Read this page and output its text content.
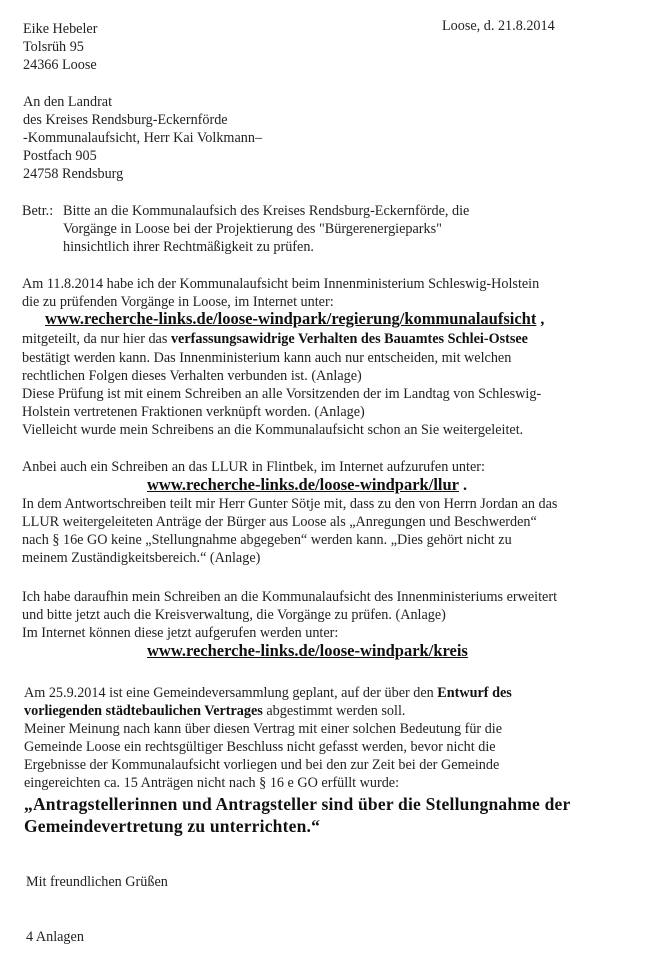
Eike Hebeler
Tolsrüh 95
24366 Loose
Loose, d. 21.8.2014
An den Landrat
des Kreises Rendsburg-Eckernförde
-Kommunalaufsicht, Herr Kai Volkmann–
Postfach 905
24758 Rendsburg
Betr.: Bitte an die Kommunalaufsich des Kreises Rendsburg-Eckernförde, die
Vorgänge in Loose bei der Projektierung des "Bürgerenergieparks"
hinsichtlich ihrer Rechtmäßigkeit zu prüfen.
Am 11.8.2014 habe ich der Kommunalaufsicht beim Innenministerium Schleswig-Holstein
die zu prüfenden Vorgänge in Loose, im Internet unter:
www.recherche-links.de/loose-windpark/regierung/kommunalaufsicht ,
mitgeteilt, da nur hier das verfassungsawidrige Verhalten des Bauamtes Schlei-Ostsee
bestätigt werden kann. Das Innenministerium kann auch nur entscheiden, mit welchen
rechtlichen Folgen dieses Verhalten verbunden ist. (Anlage)
Diese Prüfung ist mit einem Schreiben an alle Vorsitzenden der im Landtag von Schleswig-
Holstein vertretenen Fraktionen verknüpft worden. (Anlage)
Vielleicht wurde mein Schreibens an die Kommunalaufsicht schon an Sie weitergeleitet.
Anbei auch ein Schreiben an das LLUR in Flintbek, im Internet aufzurufen unter:
www.recherche-links.de/loose-windpark/llur .
In dem Antwortschreiben teilt mir Herr Gunter Sötje mit, dass zu den von Herrn Jordan an das
LLUR weitergeleiteten Anträge der Bürger aus Loose als „Anregungen und Beschwerden“
nach § 16e GO keine „Stellungnahme abgegeben“ werden kann. „Dies gehört nicht zu
meinem Zuständigkeitsbereich.“ (Anlage)
Ich habe daraufhin mein Schreiben an die Kommunalaufsicht des Innenministeriums erweitert
und bitte jetzt auch die Kreisverwaltung, die Vorgänge zu prüfen. (Anlage)
Im Internet können diese jetzt aufgerufen werden unter:
www.recherche-links.de/loose-windpark/kreis
Am 25.9.2014 ist eine Gemeindeversammlung geplant, auf der über den Entwurf des
vorliegenden städtebaulichen Vertrages abgestimmt werden soll.
Meiner Meinung nach kann über diesen Vertrag mit einer solchen Bedeutung für die
Gemeinde Loose ein rechtsgültiger Beschluss nicht gefasst werden, bevor nicht die
Ergebnisse der Kommunalaufsicht vorliegen und bei den zur Zeit bei der Gemeinde
eingereichten ca. 15 Anträgen nicht nach § 16 e GO erfüllt wurde:
„Antragstellerinnen und Antragsteller sind über die Stellungnahme der
Gemeindevertretung zu unterrichten.“
Mit freundlichen Grüßen
4 Anlagen
